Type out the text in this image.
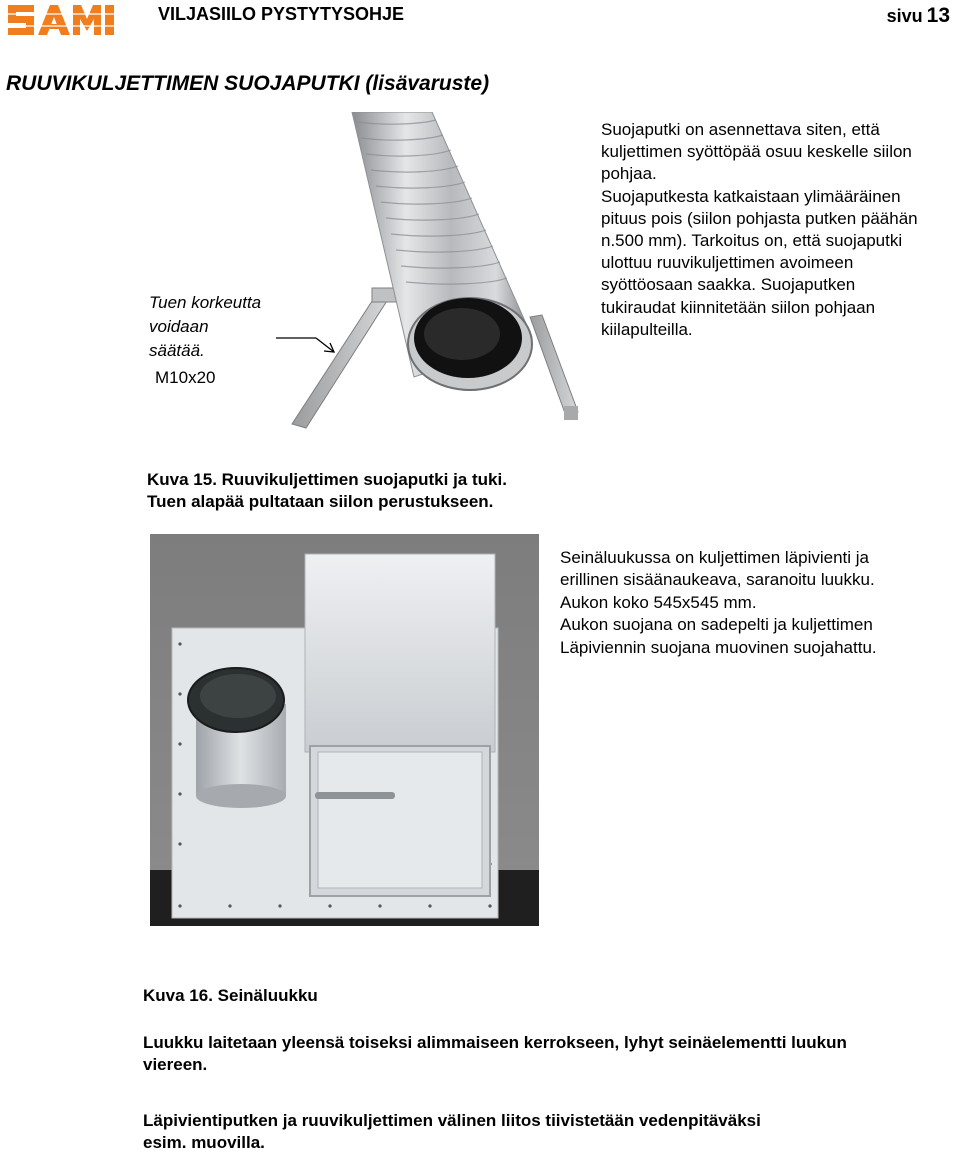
VILJASIILO PYSTYTYSOHJE	sivu 13
RUUVIKULJETTIMEN SUOJAPUTKI (lisävaruste)
Tuen korkeutta
voidaan
säätää.
M10x20
Suojaputki on asennettava siten, että
kuljettimen syöttöpää osuu keskelle siilon
pohjaa.
Suojaputkesta katkaistaan ylimääräinen
pituus pois (siilon pohjasta putken päähän
n.500 mm). Tarkoitus on, että suojaputki
ulottuu ruuvikuljettimen avoimeen
syöttöosaan saakka. Suojaputken
tukiraudat kiinnitetään siilon pohjaan
kiilapulteilla.
Kuva 15. Ruuvikuljettimen suojaputki ja tuki.
Tuen alapää pultataan siilon perustukseen.
Seinäluukussa on kuljettimen läpivienti ja
erillinen sisäänaukeava, saranoitu luukku.
Aukon koko 545x545 mm.
Aukon suojana on sadepelti ja kuljettimen
Läpiviennin suojana muovinen suojahattu.
Kuva 16. Seinäluukku
Luukku laitetaan yleensä toiseksi alimmaiseen kerrokseen, lyhyt seinäelementti luukun
viereen.
Läpivientiputken ja ruuvikuljettimen välinen liitos tiivistetään vedenpitäväksi
esim. muovilla.
